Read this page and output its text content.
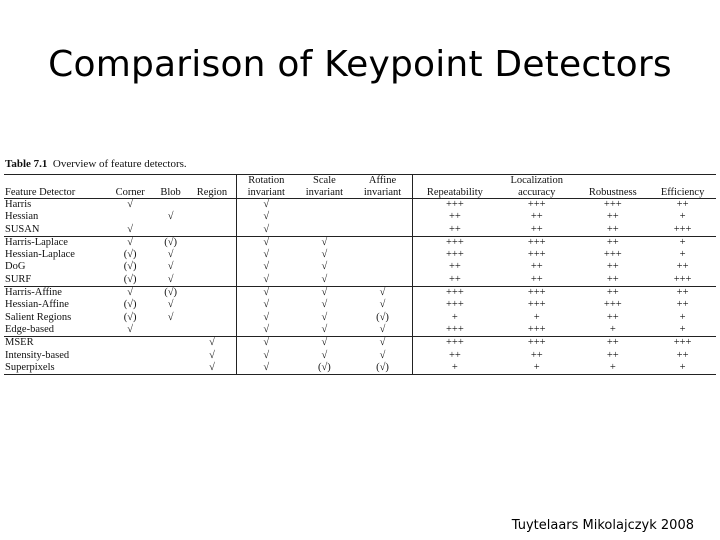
Comparison of Keypoint Detectors
Table 7.1 Overview of feature detectors.
				Rotation	Scale	Affine		Localization		
Feature Detector	Corner	Blob	Region	invariant	invariant	invariant	Repeatability	accuracy	Robustness	Efficiency
Harris	√			√			+++	+++	+++	++
Hessian		√		√			++	++	++	+
SUSAN	√			√			++	++	++	+++
Harris-Laplace	√	(√)		√	√		+++	+++	++	+
Hessian-Laplace	(√)	√		√	√		+++	+++	+++	+
DoG	(√)	√		√	√		++	++	++	++
SURF	(√)	√		√	√		++	++	++	+++
Harris-Affine	√	(√)		√	√	√	+++	+++	++	++
Hessian-Affine	(√)	√		√	√	√	+++	+++	+++	++
Salient Regions	(√)	√		√	√	(√)	+	+	++	+
Edge-based	√			√	√	√	+++	+++	+	+
MSER			√	√	√	√	+++	+++	++	+++
Intensity-based			√	√	√	√	++	++	++	++
Superpixels			√	√	(√)	(√)	+	+	+	+
Tuytelaars Mikolajczyk 2008
